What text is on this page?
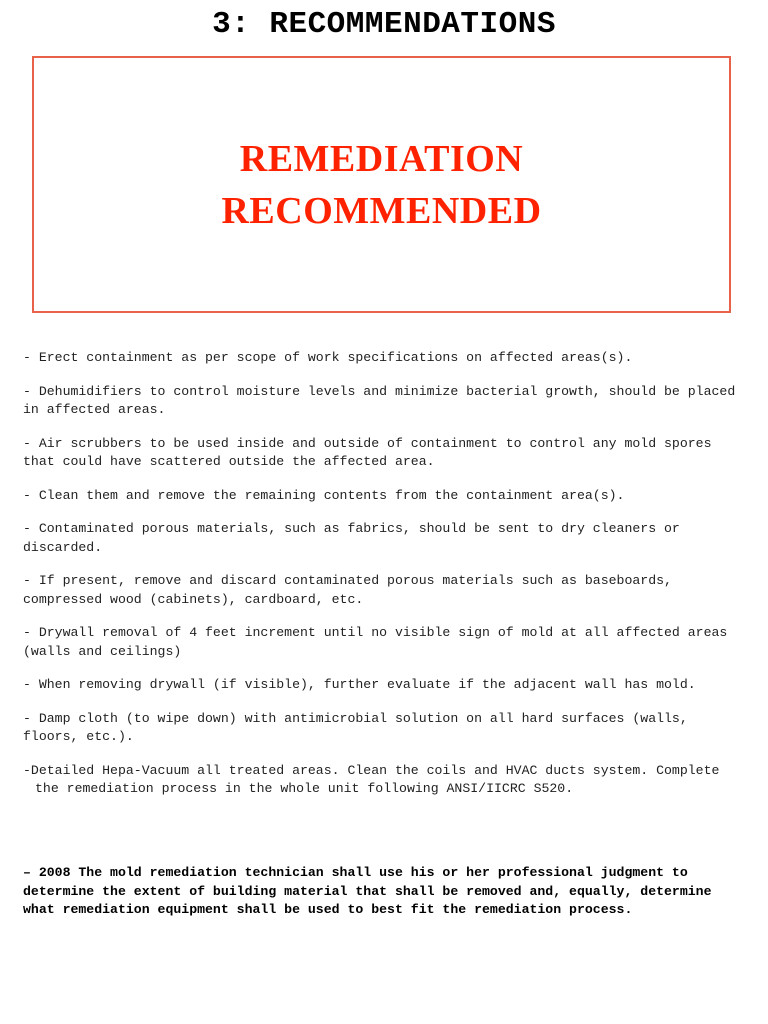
3: RECOMMENDATIONS
REMEDIATION
RECOMMENDED
- Erect containment as per scope of work specifications on affected areas(s).
- Dehumidifiers to control moisture levels and minimize bacterial growth, should be placed in affected areas.
- Air scrubbers to be used inside and outside of containment to control any mold spores that could have scattered outside the affected area.
- Clean them and remove the remaining contents from the containment area(s).
- Contaminated porous materials, such as fabrics, should be sent to dry cleaners or discarded.
- If present, remove and discard contaminated porous materials such as baseboards, compressed wood (cabinets), cardboard, etc.
- Drywall removal of 4 feet increment until no visible sign of mold at all affected areas (walls and ceilings)
- When removing drywall (if visible), further evaluate if the adjacent wall has mold.
- Damp cloth (to wipe down) with antimicrobial solution on all hard surfaces (walls, floors, etc.).
-Detailed Hepa-Vacuum all treated areas. Clean the coils and HVAC ducts system. Complete the remediation process in the whole unit following ANSI/IICRC S520.
– 2008 The mold remediation technician shall use his or her professional judgment to determine the extent of building material that shall be removed and, equally, determine what remediation equipment shall be used to best fit the remediation process.
